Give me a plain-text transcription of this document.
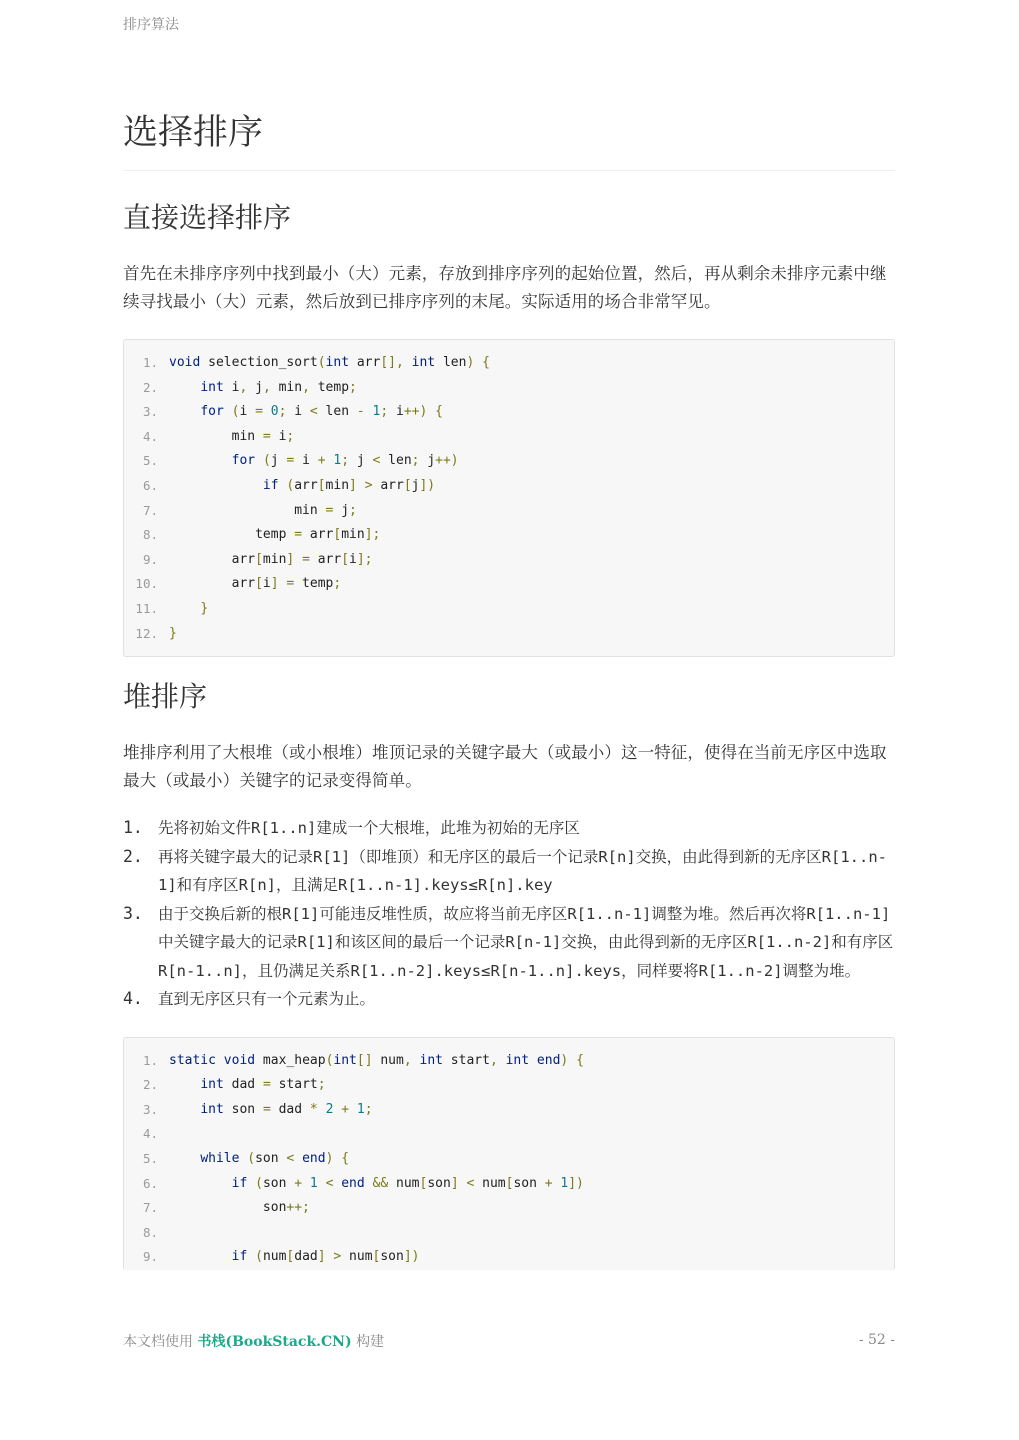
排序算法
选择排序
直接选择排序

首先在未排序序列中找到最小（大）元素，存放到排序序列的起始位置，然后，再从剩余未排序元素中继续寻找最小（大）元素，然后放到已排序序列的末尾。实际适用的场合非常罕见。

1. void selection_sort(int arr[], int len) {
2.	int i, j, min, temp;
3.	for (i = 0; i < len - 1; i++) {
4. min = i;
5.	for (j = i + 1; j < len; j++)
6.	if (arr[min] > arr[j])
7. min = j;
8. temp = arr[min];
9. arr[min] = arr[i];
10. arr[i] = temp;
11.	}
12. }
堆排序

堆排序利用了大根堆（或小根堆）堆顶记录的关键字最大（或最小）这一特征，使得在当前无序区中选取最大（或最小）关键字的记录变得简单。

1. 先将初始文件R[1..n]建成一个大根堆，此堆为初始的无序区
2. 再将关键字最大的记录R[1]（即堆顶）和无序区的最后一个记录R[n]交换，由此得到新的无序区R[1..n-1]和有序区R[n]，且满足R[1..n-1].keys≤R[n].key
3. 由于交换后新的根R[1]可能违反堆性质，故应将当前无序区R[1..n-1]调整为堆。然后再次将R[1..n-1]中关键字最大的记录R[1]和该区间的最后一个记录R[n-1]交换，由此得到新的无序区R[1..n-2]和有序区R[n-1..n]，且仍满足关系R[1..n-2].keys≤R[n-1..n].keys，同样要将R[1..n-2]调整为堆。
4. 直到无序区只有一个元素为止。
1. static void max_heap(int[] num, int start, int end) {
2.	int dad = start;
3.	int son = dad * 2 + 1;
4.
5.	while (son < end) {
6.	if (son + 1 < end && num[son] < num[son + 1])
7. son++;
8.
9.	if (num[dad] > num[son])
本文档使用 书栈(BookStack.CN) 构建	- 52 -
